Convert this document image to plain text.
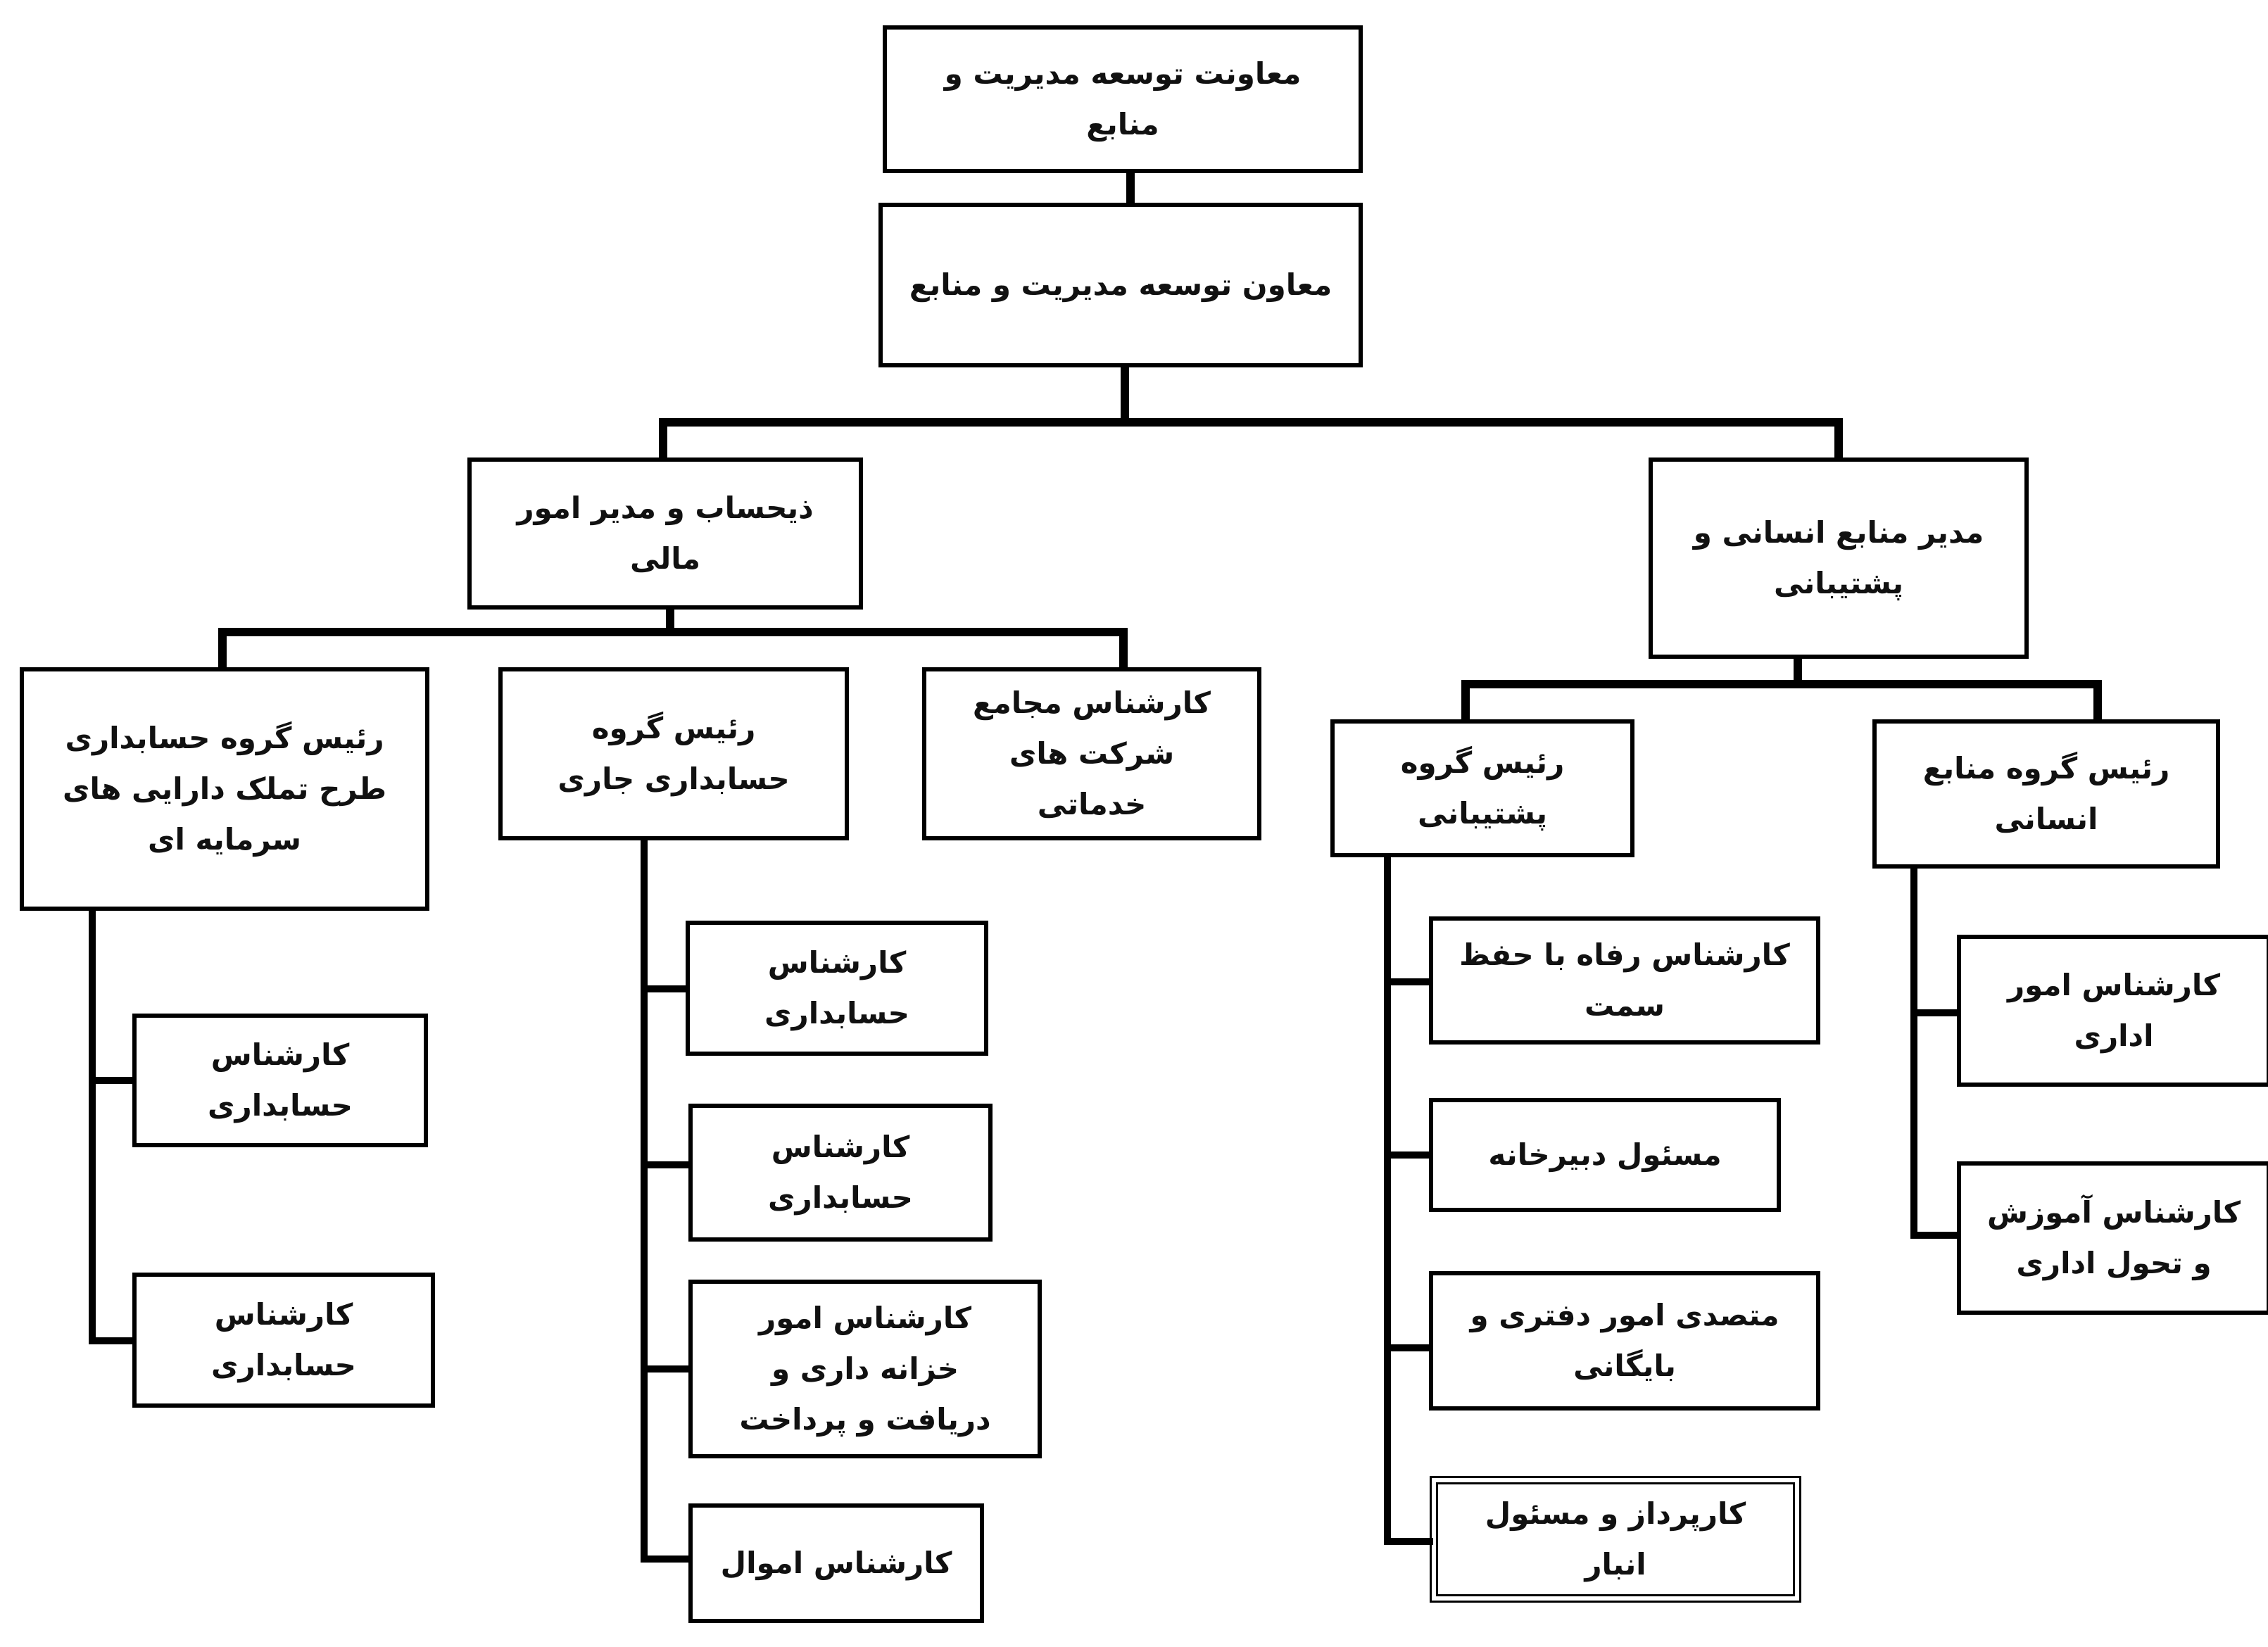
معاونت توسعه مدیریت و منابع
معاون توسعه مدیریت و منابع
ذیحساب و مدیر امور مالی
مدیر منابع انسانی و پشتیبانی
رئیس گروه حسابداری طرح تملک دارایی های سرمایه ای
رئیس گروه حسابداری جاری
کارشناس مجامع شرکت های خدماتی
رئیس گروه پشتیبانی
رئیس گروه منابع انسانی
کارشناس حسابداری
کارشناس حسابداری
کارشناس حسابداری
کارشناس حسابداری
کارشناس امور خزانه داری و دریافت و پرداخت
کارشناس اموال
کارشناس رفاه با حفظ سمت
مسئول دبیرخانه
متصدی امور دفتری و بایگانی
کارپرداز و مسئول انبار
کارشناس امور اداری
کارشناس آموزش و تحول اداری
